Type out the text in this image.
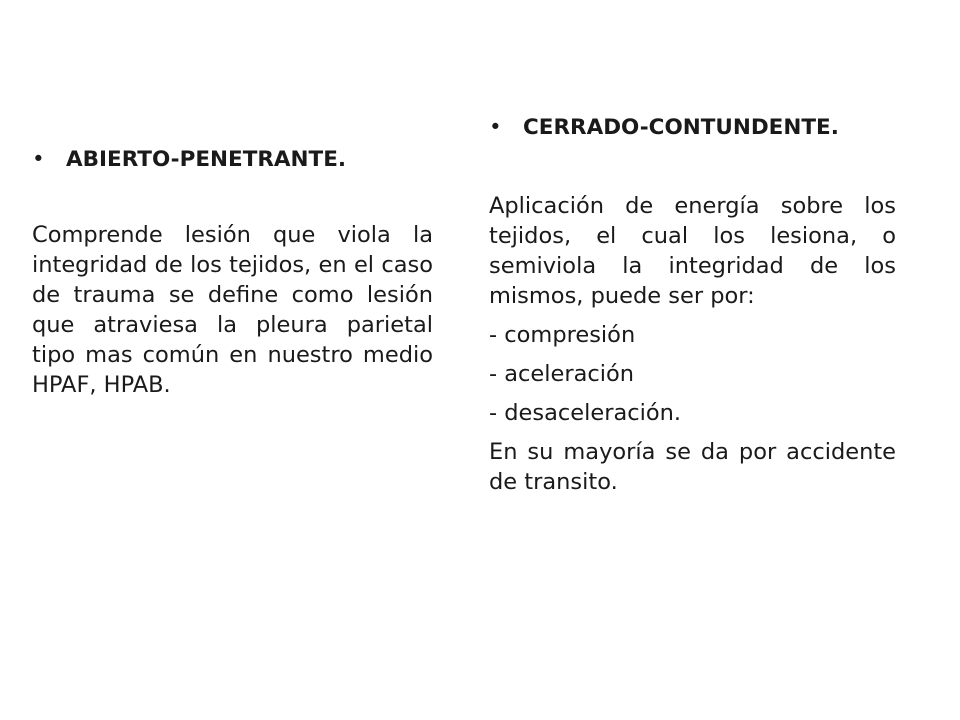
• ABIERTO-PENETRANTE.

Comprende lesión que viola la integridad de los tejidos, en el caso de trauma se define como lesión que atraviesa la pleura parietal tipo mas común en nuestro medio HPAF, HPAB.

• CERRADO-CONTUNDENTE.

Aplicación de energía sobre los tejidos, el cual los lesiona, o semiviola la integridad de los mismos, puede ser por:

- compresión

- aceleración

- desaceleración.

En su mayoría se da por accidente de transito.
